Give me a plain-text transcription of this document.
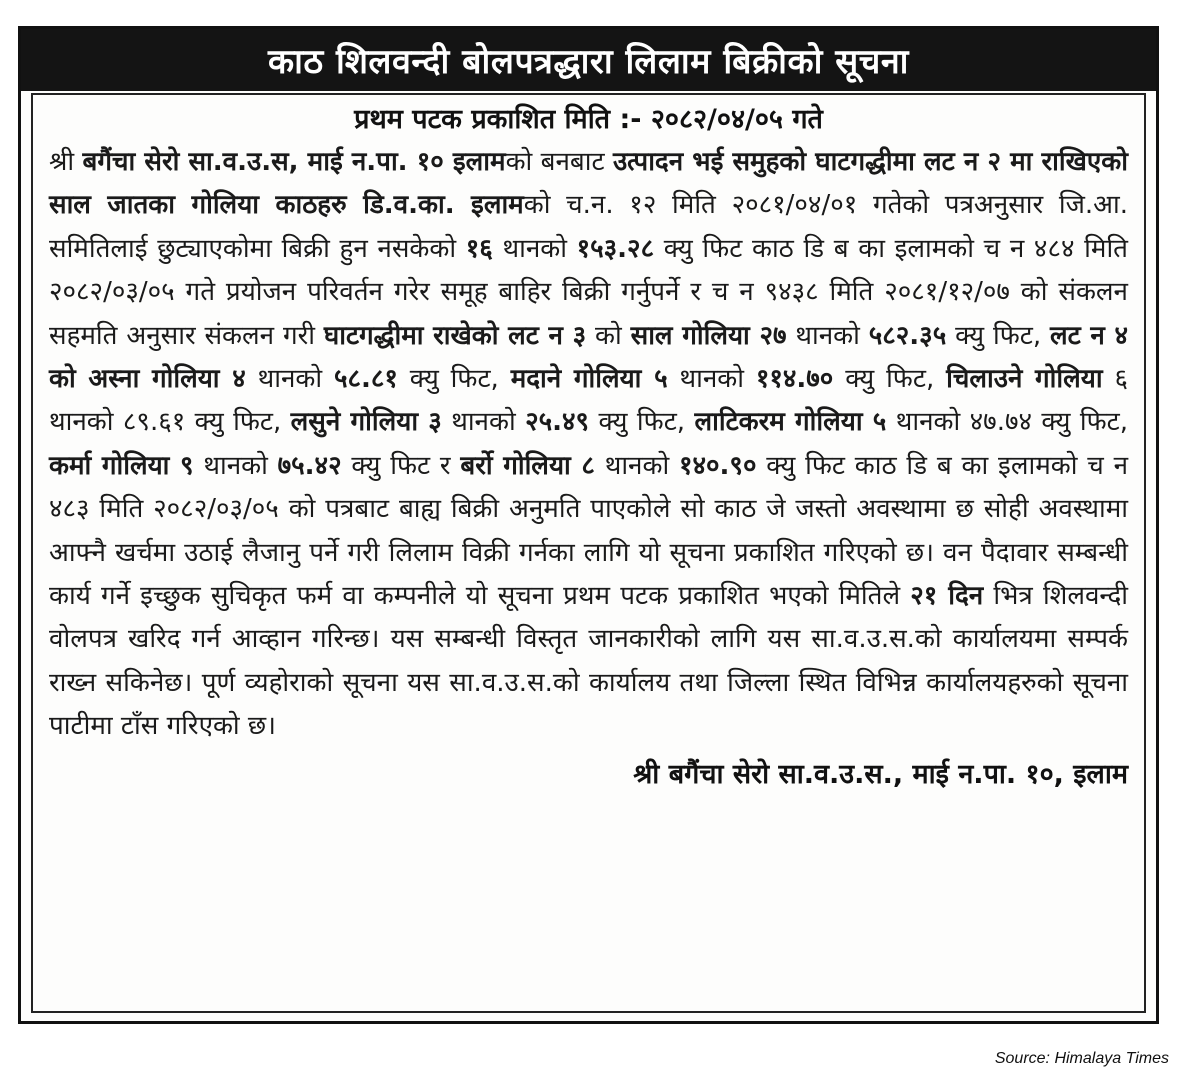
काठ शिलवन्दी बोलपत्रद्धारा लिलाम बिक्रीको सूचना
प्रथम पटक प्रकाशित मिति :- २०८२/०४/०५ गते
श्री बगैंचा सेरो सा.व.उ.स, माई न.पा. १० इलामको बनबाट उत्पादन भई समुहको घाटगद्धीमा लट न २ मा राखिएको साल जातका गोलिया काठहरु डि.व.का. इलामको च.न. १२ मिति २०८१/०४/०१ गतेको पत्रअनुसार जि.आ. समितिलाई छुट्याएकोमा बिक्री हुन नसकेको १६ थानको १५३.२८ क्यु फिट काठ डि ब का इलामको च न ४८४ मिति २०८२/०३/०५ गते प्रयोजन परिवर्तन गरेर समूह बाहिर बिक्री गर्नुपर्ने र च न ९४३८ मिति २०८१/१२/०७ को संकलन सहमति अनुसार संकलन गरी घाटगद्धीमा राखेको लट न ३ को साल गोलिया २७ थानको ५८२.३५ क्यु फिट, लट न ४ को अस्ना गोलिया ४ थानको ५८.८१ क्यु फिट, मदाने गोलिया ५ थानको ११४.७० क्यु फिट, चिलाउने गोलिया ६ थानको ८९.६१ क्यु फिट, लसुने गोलिया ३ थानको २५.४९ क्यु फिट, लाटिकरम गोलिया ५ थानको ४७.७४ क्यु फिट, कर्मा गोलिया ९ थानको ७५.४२ क्यु फिट र बर्रो गोलिया ८ थानको १४०.९० क्यु फिट काठ डि ब का इलामको च न ४८३ मिति २०८२/०३/०५ को पत्रबाट बाह्य बिक्री अनुमति पाएकोले सो काठ जे जस्तो अवस्थामा छ सोही अवस्थामा आफ्नै खर्चमा उठाई लैजानु पर्ने गरी लिलाम विक्री गर्नका लागि यो सूचना प्रकाशित गरिएको छ। वन पैदावार सम्बन्धी कार्य गर्ने इच्छुक सुचिकृत फर्म वा कम्पनीले यो सूचना प्रथम पटक प्रकाशित भएको मितिले २१ दिन भित्र शिलवन्दी वोलपत्र खरिद गर्न आव्हान गरिन्छ। यस सम्बन्धी विस्तृत जानकारीको लागि यस सा.व.उ.स.को कार्यालयमा सम्पर्क राख्न सकिनेछ। पूर्ण व्यहोराको सूचना यस सा.व.उ.स.को कार्यालय तथा जिल्ला स्थित विभिन्न कार्यालयहरुको सूचना पाटीमा टाँस गरिएको छ।
श्री बगैंचा सेरो सा.व.उ.स., माई न.पा. १०, इलाम
Source: Himalaya Times
